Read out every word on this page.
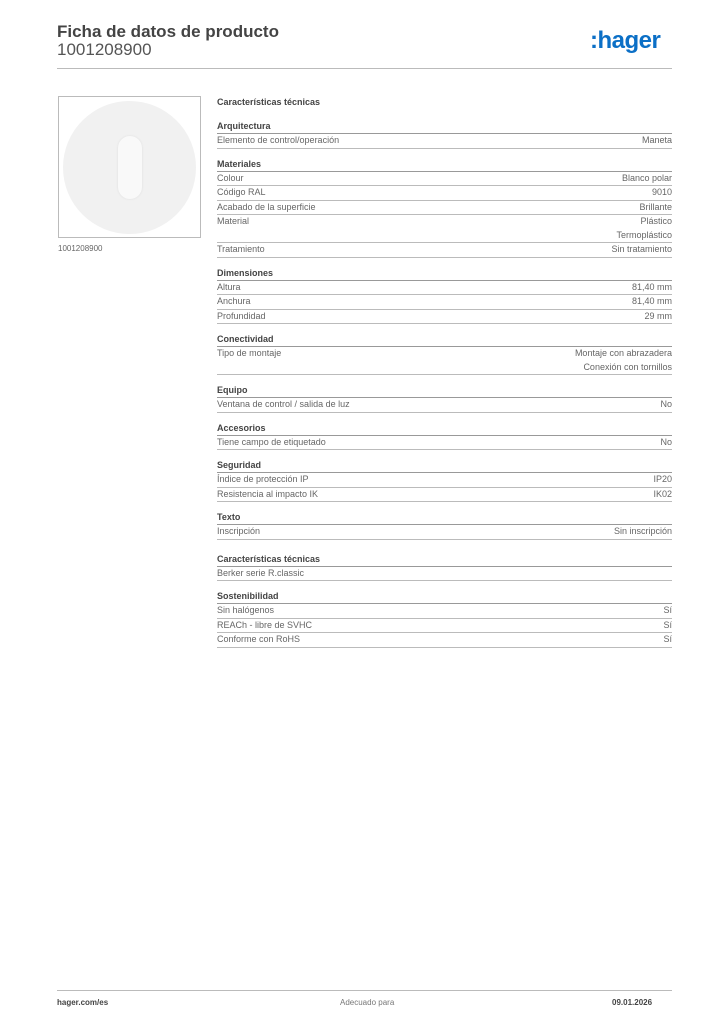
Ficha de datos de producto
1001208900	:hager
1001208900
Características técnicas
Arquitectura
Elemento de control/operación	Maneta
Materiales
Colour	Blanco polar
Código RAL	9010
Acabado de la superficie	Brillante
Material	Plástico
Termoplástico
Tratamiento	Sin tratamiento
Dimensiones
Altura	81,40 mm
Anchura	81,40 mm
Profundidad	29 mm
Conectividad
Tipo de montaje	Montaje con abrazadera
Conexión con tornillos
Equipo
Ventana de control / salida de luz	No
Accesorios
Tiene campo de etiquetado	No
Seguridad
Índice de protección IP	IP20
Resistencia al impacto IK	IK02
Texto
Inscripción	Sin inscripción
Características técnicas
Berker serie R.classic
Sostenibilidad
Sin halógenos	Sí
REACh - libre de SVHC	Sí
Conforme con RoHS	Sí
hager.com/es	Adecuado para	09.01.2026
